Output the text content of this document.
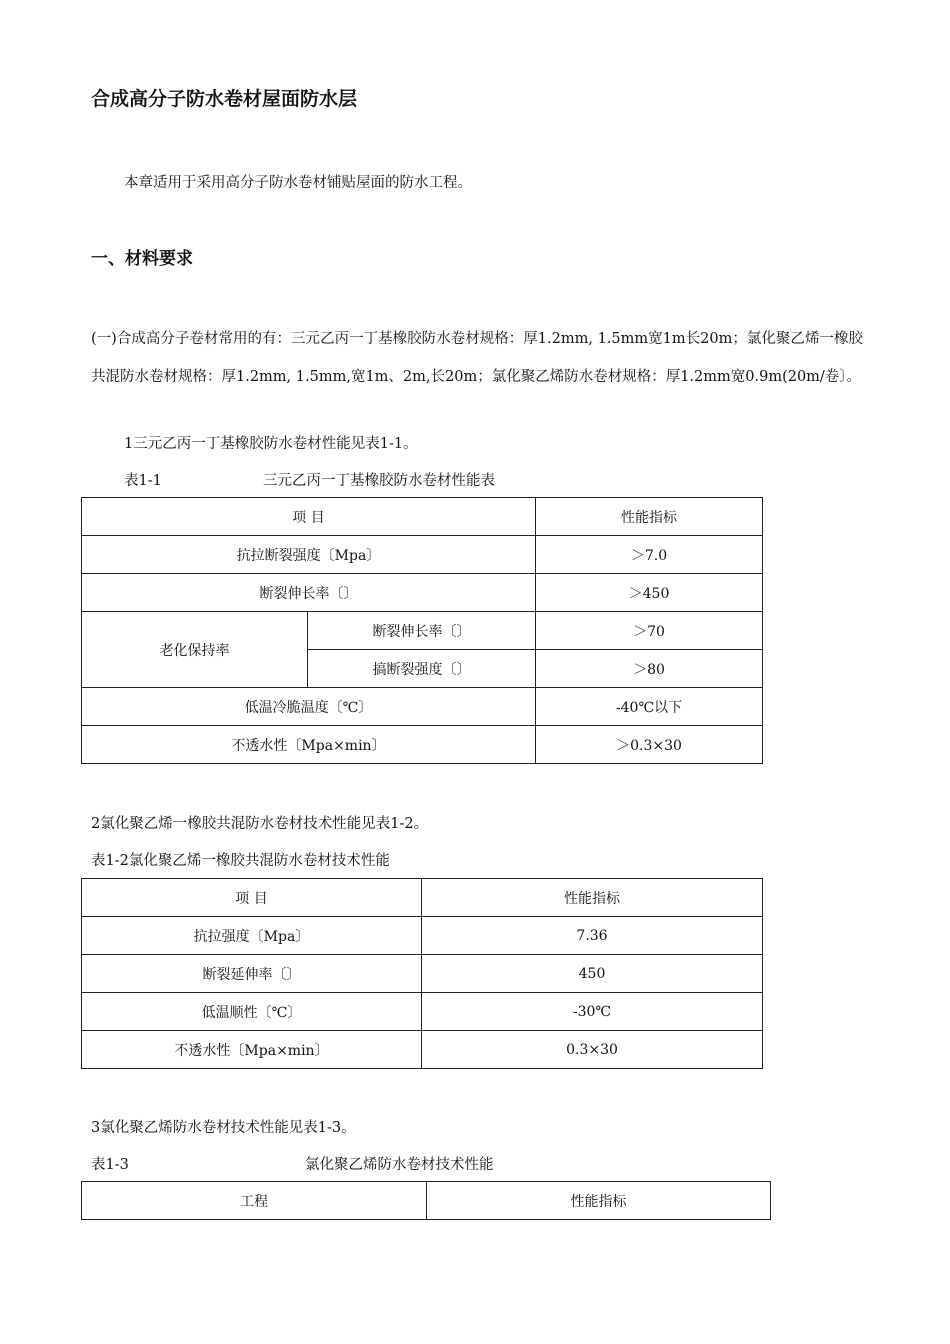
合成高分子防水卷材屋面防水层
本章适用于采用高分子防水卷材铺贴屋面的防水工程。
一、材料要求
(一)合成高分子卷材常用的有：三元乙丙一丁基橡胶防水卷材规格：厚1.2mm, 1.5mm宽1m长20m；氯化聚乙烯一橡胶共混防水卷材规格：厚1.2mm, 1.5mm,宽1m、2m,长20m；氯化聚乙烯防水卷材规格：厚1.2mm宽0.9m(20m/卷〕。
1三元乙丙一丁基橡胶防水卷材性能见表1-1。
表1-1	三元乙丙一丁基橡胶防水卷材性能表
项 目		性能指标
抗拉断裂强度〔Mpa〕		＞7.0
断裂伸长率〔〕		＞450
老化保持率	断裂伸长率〔〕	＞70
	搞断裂强度〔〕	＞80
低温冷脆温度〔℃〕		-40℃以下
不透水性〔Mpa×min〕		＞0.3×30
2氯化聚乙烯一橡胶共混防水卷材技术性能见表1-2。
表1-2氯化聚乙烯一橡胶共混防水卷材技术性能
项 目	性能指标
抗拉强度〔Mpa〕	7.36
断裂延伸率〔〕	450
低温顺性〔℃〕	-30℃
不透水性〔Mpa×min〕	0.3×30
3氯化聚乙烯防水卷材技术性能见表1-3。
表1-3	氯化聚乙烯防水卷材技术性能
工程	性能指标
